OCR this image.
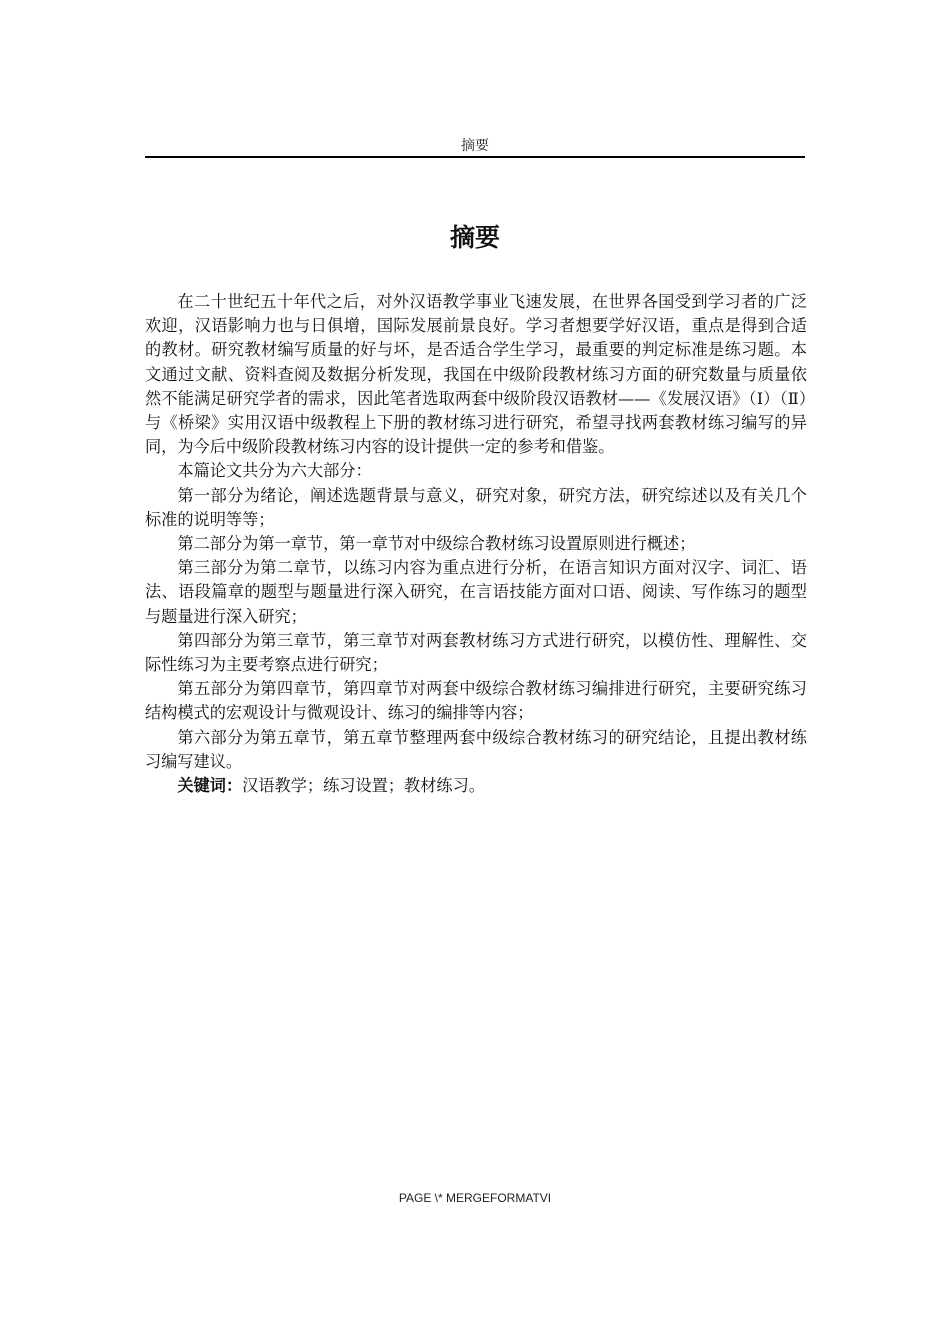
摘要
摘要

在二十世纪五十年代之后，对外汉语教学事业飞速发展，在世界各国受到学习者的广泛欢迎，汉语影响力也与日俱增，国际发展前景良好。学习者想要学好汉语，重点是得到合适的教材。研究教材编写质量的好与坏，是否适合学生学习，最重要的判定标准是练习题。本文通过文献、资料查阅及数据分析发现，我国在中级阶段教材练习方面的研究数量与质量依然不能满足研究学者的需求，因此笔者选取两套中级阶段汉语教材——《发展汉语》（Ⅰ）（Ⅱ）与《桥梁》实用汉语中级教程上下册的教材练习进行研究，希望寻找两套教材练习编写的异同，为今后中级阶段教材练习内容的设计提供一定的参考和借鉴。

本篇论文共分为六大部分：

第一部分为绪论，阐述选题背景与意义，研究对象，研究方法，研究综述以及有关几个标准的说明等等；

第二部分为第一章节，第一章节对中级综合教材练习设置原则进行概述；

第三部分为第二章节，以练习内容为重点进行分析，在语言知识方面对汉字、词汇、语法、语段篇章的题型与题量进行深入研究，在言语技能方面对口语、阅读、写作练习的题型与题量进行深入研究；

第四部分为第三章节，第三章节对两套教材练习方式进行研究，以模仿性、理解性、交际性练习为主要考察点进行研究；

第五部分为第四章节，第四章节对两套中级综合教材练习编排进行研究，主要研究练习结构模式的宏观设计与微观设计、练习的编排等内容；

第六部分为第五章节，第五章节整理两套中级综合教材练习的研究结论，且提出教材练习编写建议。

关键词：汉语教学；练习设置；教材练习。

PAGE \* MERGEFORMATVI
